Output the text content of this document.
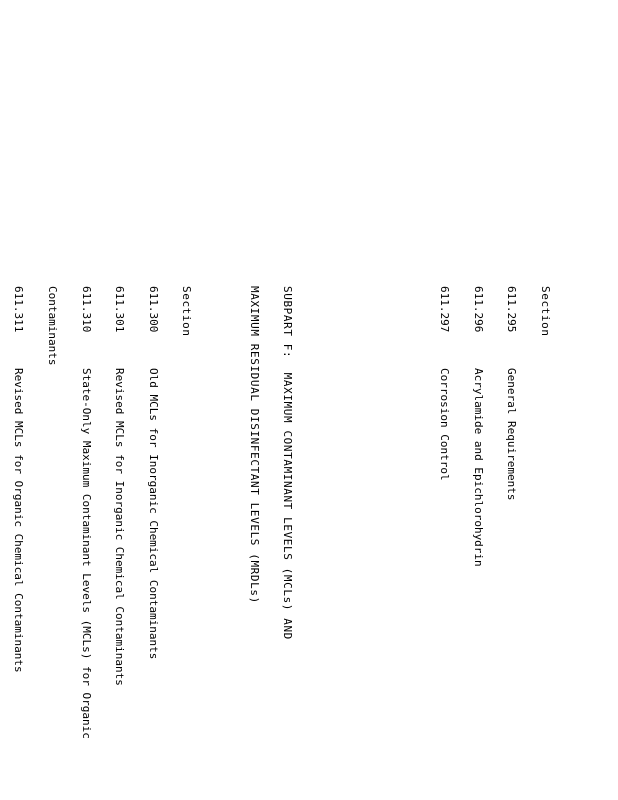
Section

611.295General Requirements

611.296Acrylamide and Epichlorohydrin

611.297Corrosion Control

SUBPART F:  MAXIMUM CONTAMINANT LEVELS (MCLs) AND

MAXIMUM RESIDUAL DISINFECTANT LEVELS (MRDLs)

Section

611.300Old MCLs for Inorganic Chemical Contaminants

611.301Revised MCLs for Inorganic Chemical Contaminants

611.310State-Only Maximum Contaminant Levels (MCLs) for Organic

Contaminants

611.311Revised MCLs for Organic Chemical Contaminants
